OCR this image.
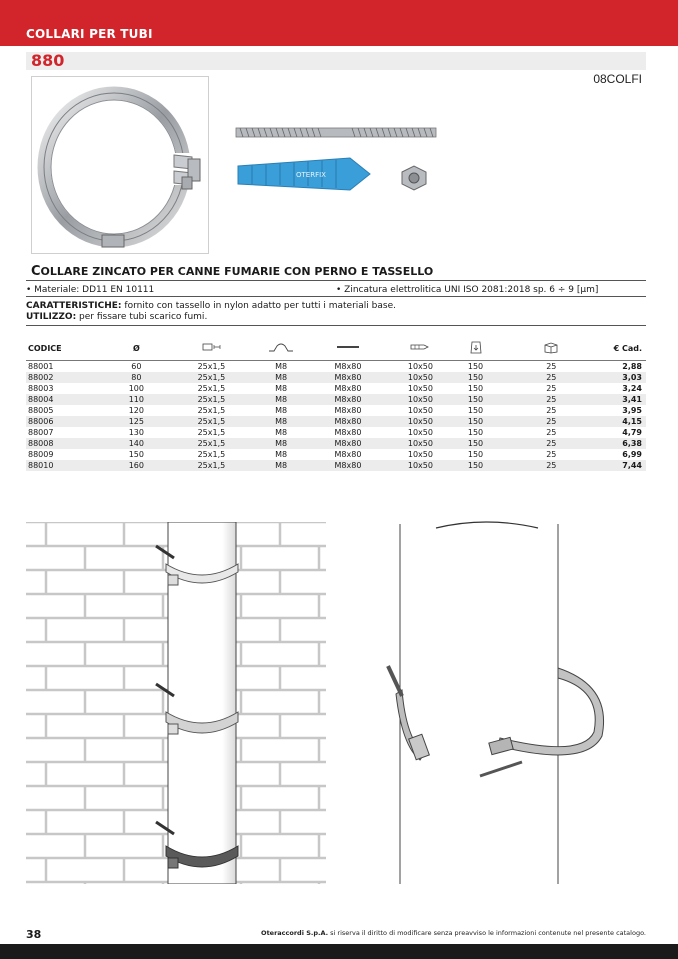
COLLARI PER TUBI
880
08COLFI
OTERFIX
COLLARE ZINCATO PER CANNE FUMARIE CON PERNO E TASSELLO
• Materiale: DD11 EN 10111	• Zincatura elettrolitica UNI ISO 2081:2018 sp. 6 ÷ 9 [μm]
CARATTERISTICHE: fornito con tassello in nylon adatto per tutti i materiali base.
UTILIZZO: per fissare tubi scarico fumi.
CODICE	Ø							€ Cad.
88001	60	25x1,5	M8	M8x80	10x50	150	25	2,88
88002	80	25x1,5	M8	M8x80	10x50	150	25	3,03
88003	100	25x1,5	M8	M8x80	10x50	150	25	3,24
88004	110	25x1,5	M8	M8x80	10x50	150	25	3,41
88005	120	25x1,5	M8	M8x80	10x50	150	25	3,95
88006	125	25x1,5	M8	M8x80	10x50	150	25	4,15
88007	130	25x1,5	M8	M8x80	10x50	150	25	4,79
88008	140	25x1,5	M8	M8x80	10x50	150	25	6,38
88009	150	25x1,5	M8	M8x80	10x50	150	25	6,99
88010	160	25x1,5	M8	M8x80	10x50	150	25	7,44
38	Oteraccordi S.p.A. si riserva il diritto di modificare senza preavviso le informazioni contenute nel presente catalogo.
